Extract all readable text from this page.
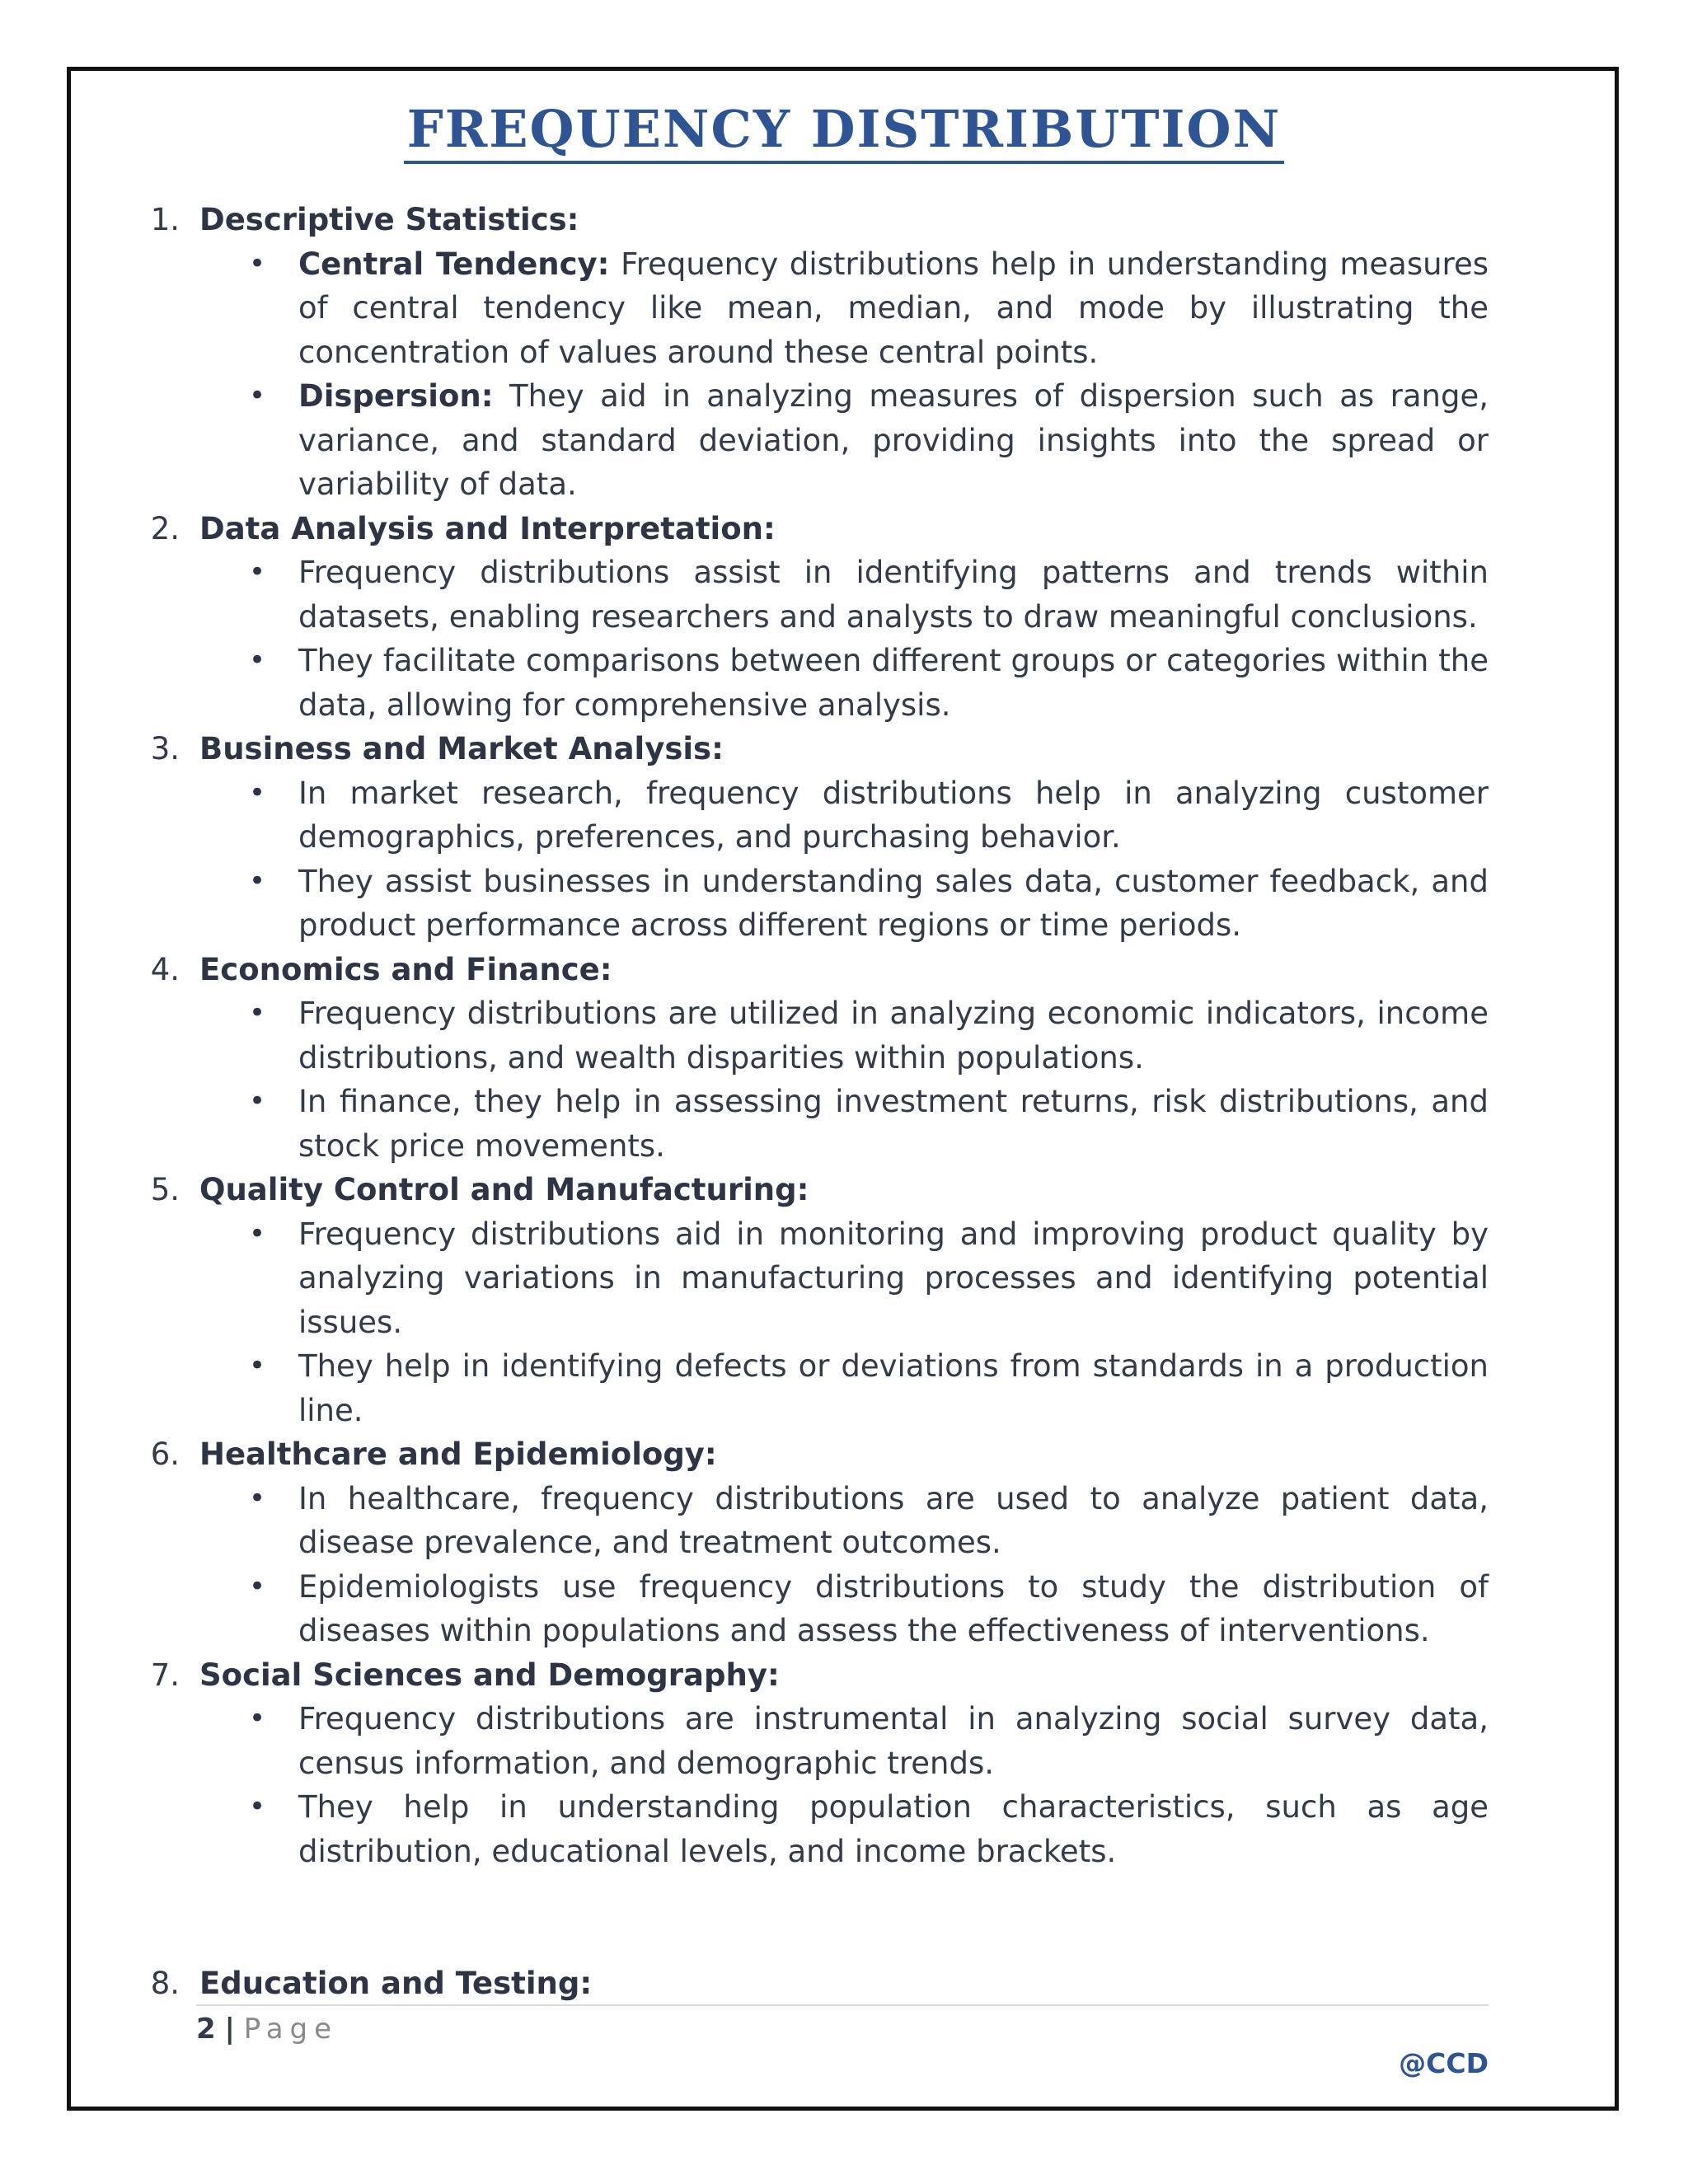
FREQUENCY DISTRIBUTION
1. Descriptive Statistics:
• Central Tendency: Frequency distributions help in understanding measures of central tendency like mean, median, and mode by illustrating the concentration of values around these central points.
• Dispersion: They aid in analyzing measures of dispersion such as range, variance, and standard deviation, providing insights into the spread or variability of data.
2. Data Analysis and Interpretation:
• Frequency distributions assist in identifying patterns and trends within datasets, enabling researchers and analysts to draw meaningful conclusions.
• They facilitate comparisons between different groups or categories within the data, allowing for comprehensive analysis.
3. Business and Market Analysis:
• In market research, frequency distributions help in analyzing customer demographics, preferences, and purchasing behavior.
• They assist businesses in understanding sales data, customer feedback, and product performance across different regions or time periods.
4. Economics and Finance:
• Frequency distributions are utilized in analyzing economic indicators, income distributions, and wealth disparities within populations.
• In finance, they help in assessing investment returns, risk distributions, and stock price movements.
5. Quality Control and Manufacturing:
• Frequency distributions aid in monitoring and improving product quality by analyzing variations in manufacturing processes and identifying potential issues.
• They help in identifying defects or deviations from standards in a production line.
6. Healthcare and Epidemiology:
• In healthcare, frequency distributions are used to analyze patient data, disease prevalence, and treatment outcomes.
• Epidemiologists use frequency distributions to study the distribution of diseases within populations and assess the effectiveness of interventions.
7. Social Sciences and Demography:
• Frequency distributions are instrumental in analyzing social survey data, census information, and demographic trends.
• They help in understanding population characteristics, such as age distribution, educational levels, and income brackets.
8. Education and Testing:
2 | Page
@CCD
